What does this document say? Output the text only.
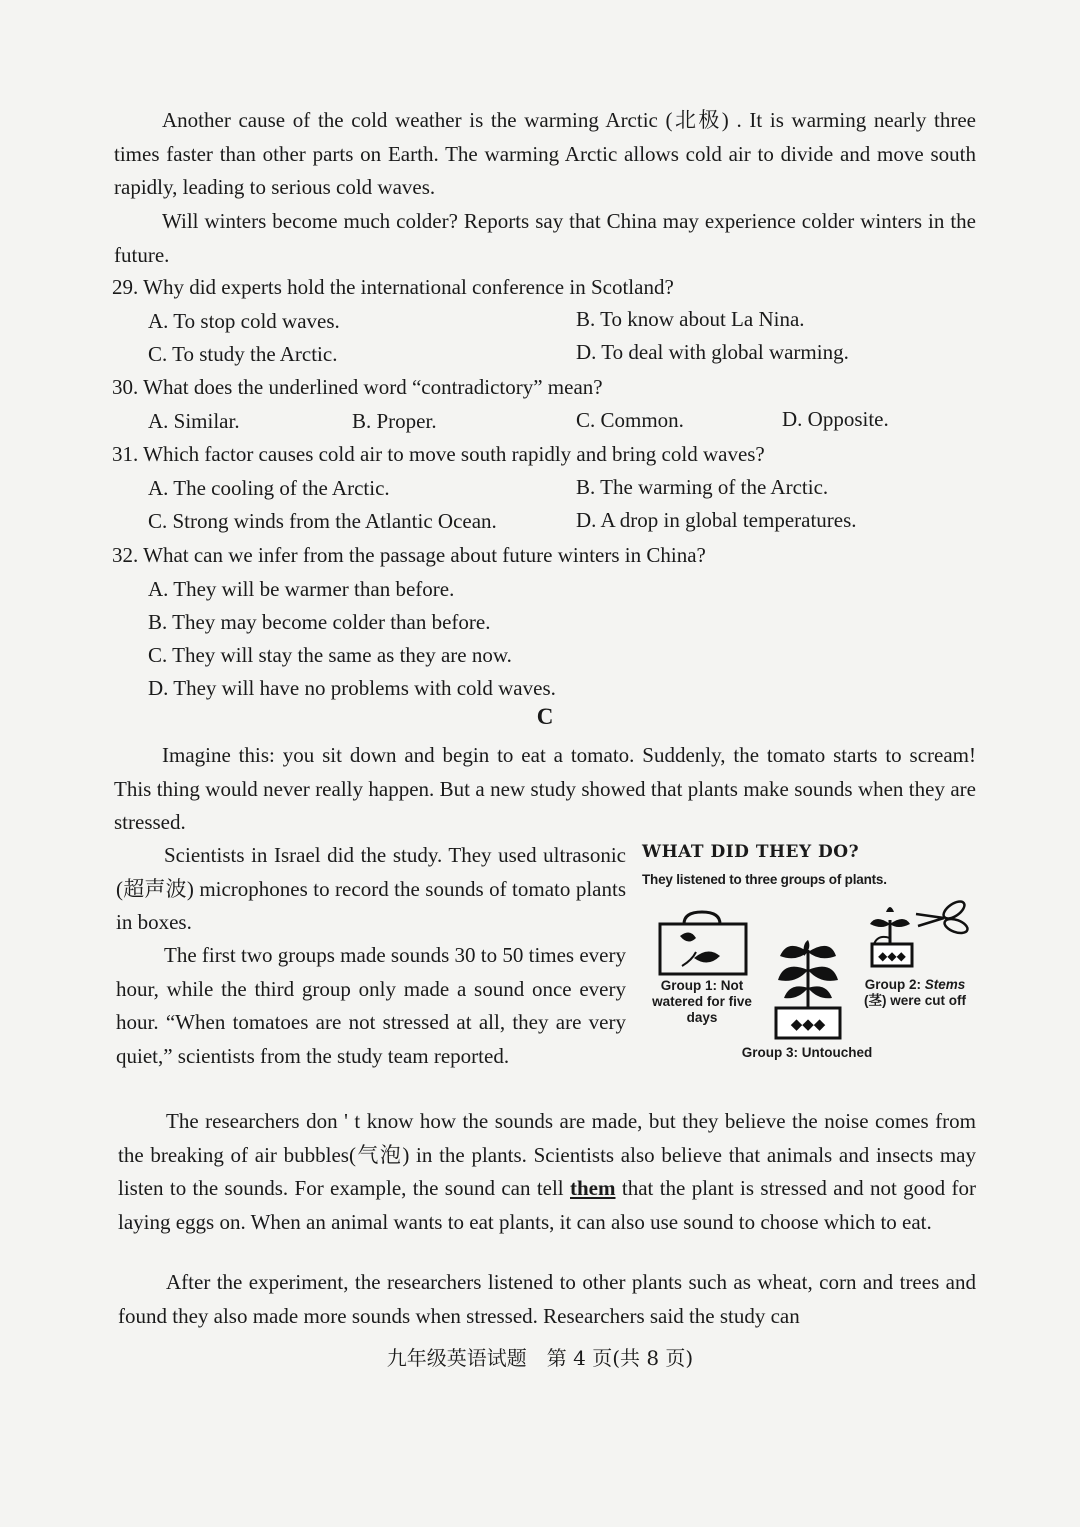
Another cause of the cold weather is the warming Arctic (北极) . It is warming nearly three times faster than other parts on Earth. The warming Arctic allows cold air to divide and move south rapidly, leading to serious cold waves.

Will winters become much colder? Reports say that China may experience colder winters in the future.

29. Why did experts hold the international conference in Scotland?
A. To stop cold waves.	B. To know about La Nina.
C. To study the Arctic.	D. To deal with global warming.
30. What does the underlined word “contradictory” mean?
A. Similar.	B. Proper.	C. Common.	D. Opposite.
31. Which factor causes cold air to move south rapidly and bring cold waves?
A. The cooling of the Arctic.	B. The warming of the Arctic.
C. Strong winds from the Atlantic Ocean.	D. A drop in global temperatures.
32. What can we infer from the passage about future winters in China?
A. They will be warmer than before.
B. They may become colder than before.
C. They will stay the same as they are now.
D. They will have no problems with cold waves.
C

Imagine this: you sit down and begin to eat a tomato. Suddenly, the tomato starts to scream! This thing would never really happen. But a new study showed that plants make sounds when they are stressed.

Scientists in Israel did the study. They used ultrasonic (超声波) microphones to record the sounds of tomato plants in boxes.

The first two groups made sounds 30 to 50 times every hour, while the third group only made a sound once every hour. “When tomatoes are not stressed at all, they are very quiet,” scientists from the study team reported.

The researchers don ' t know how the sounds are made, but they believe the noise comes from the breaking of air bubbles(气泡) in the plants. Scientists also believe that animals and insects may listen to the sounds. For example, the sound can tell them that the plant is stressed and not good for laying eggs on. When an animal wants to eat plants, it can also use sound to choose which to eat.

After the experiment, the researchers listened to other plants such as wheat, corn and trees and found they also made more sounds when stressed. Researchers said the study can

WHAT DID THEY DO?
They listened to three groups of plants.
◆◆◆
◆◆◆
Group 1: Not
watered for five
days
Group 2: Stems
(茎) were cut off
Group 3: Untouched
九年级英语试题　第 4 页(共 8 页)
